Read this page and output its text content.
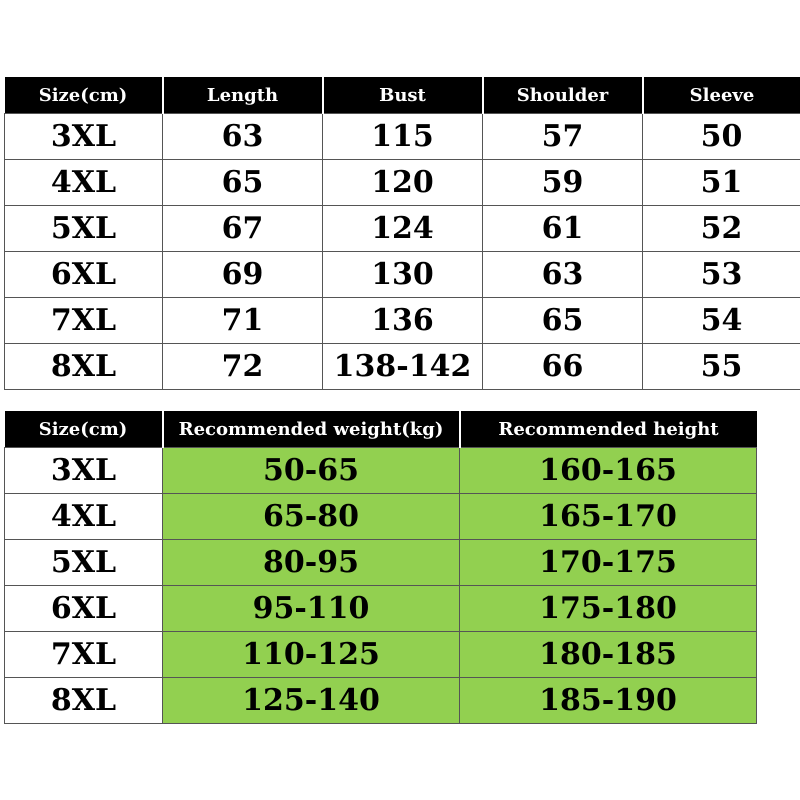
Size(cm)	Length	Bust	Shoulder	Sleeve
3XL	63	115	57	50
4XL	65	120	59	51
5XL	67	124	61	52
6XL	69	130	63	53
7XL	71	136	65	54
8XL	72	138-142	66	55
Size(cm)	Recommended weight(kg)	Recommended height
3XL	50-65	160-165
4XL	65-80	165-170
5XL	80-95	170-175
6XL	95-110	175-180
7XL	110-125	180-185
8XL	125-140	185-190
